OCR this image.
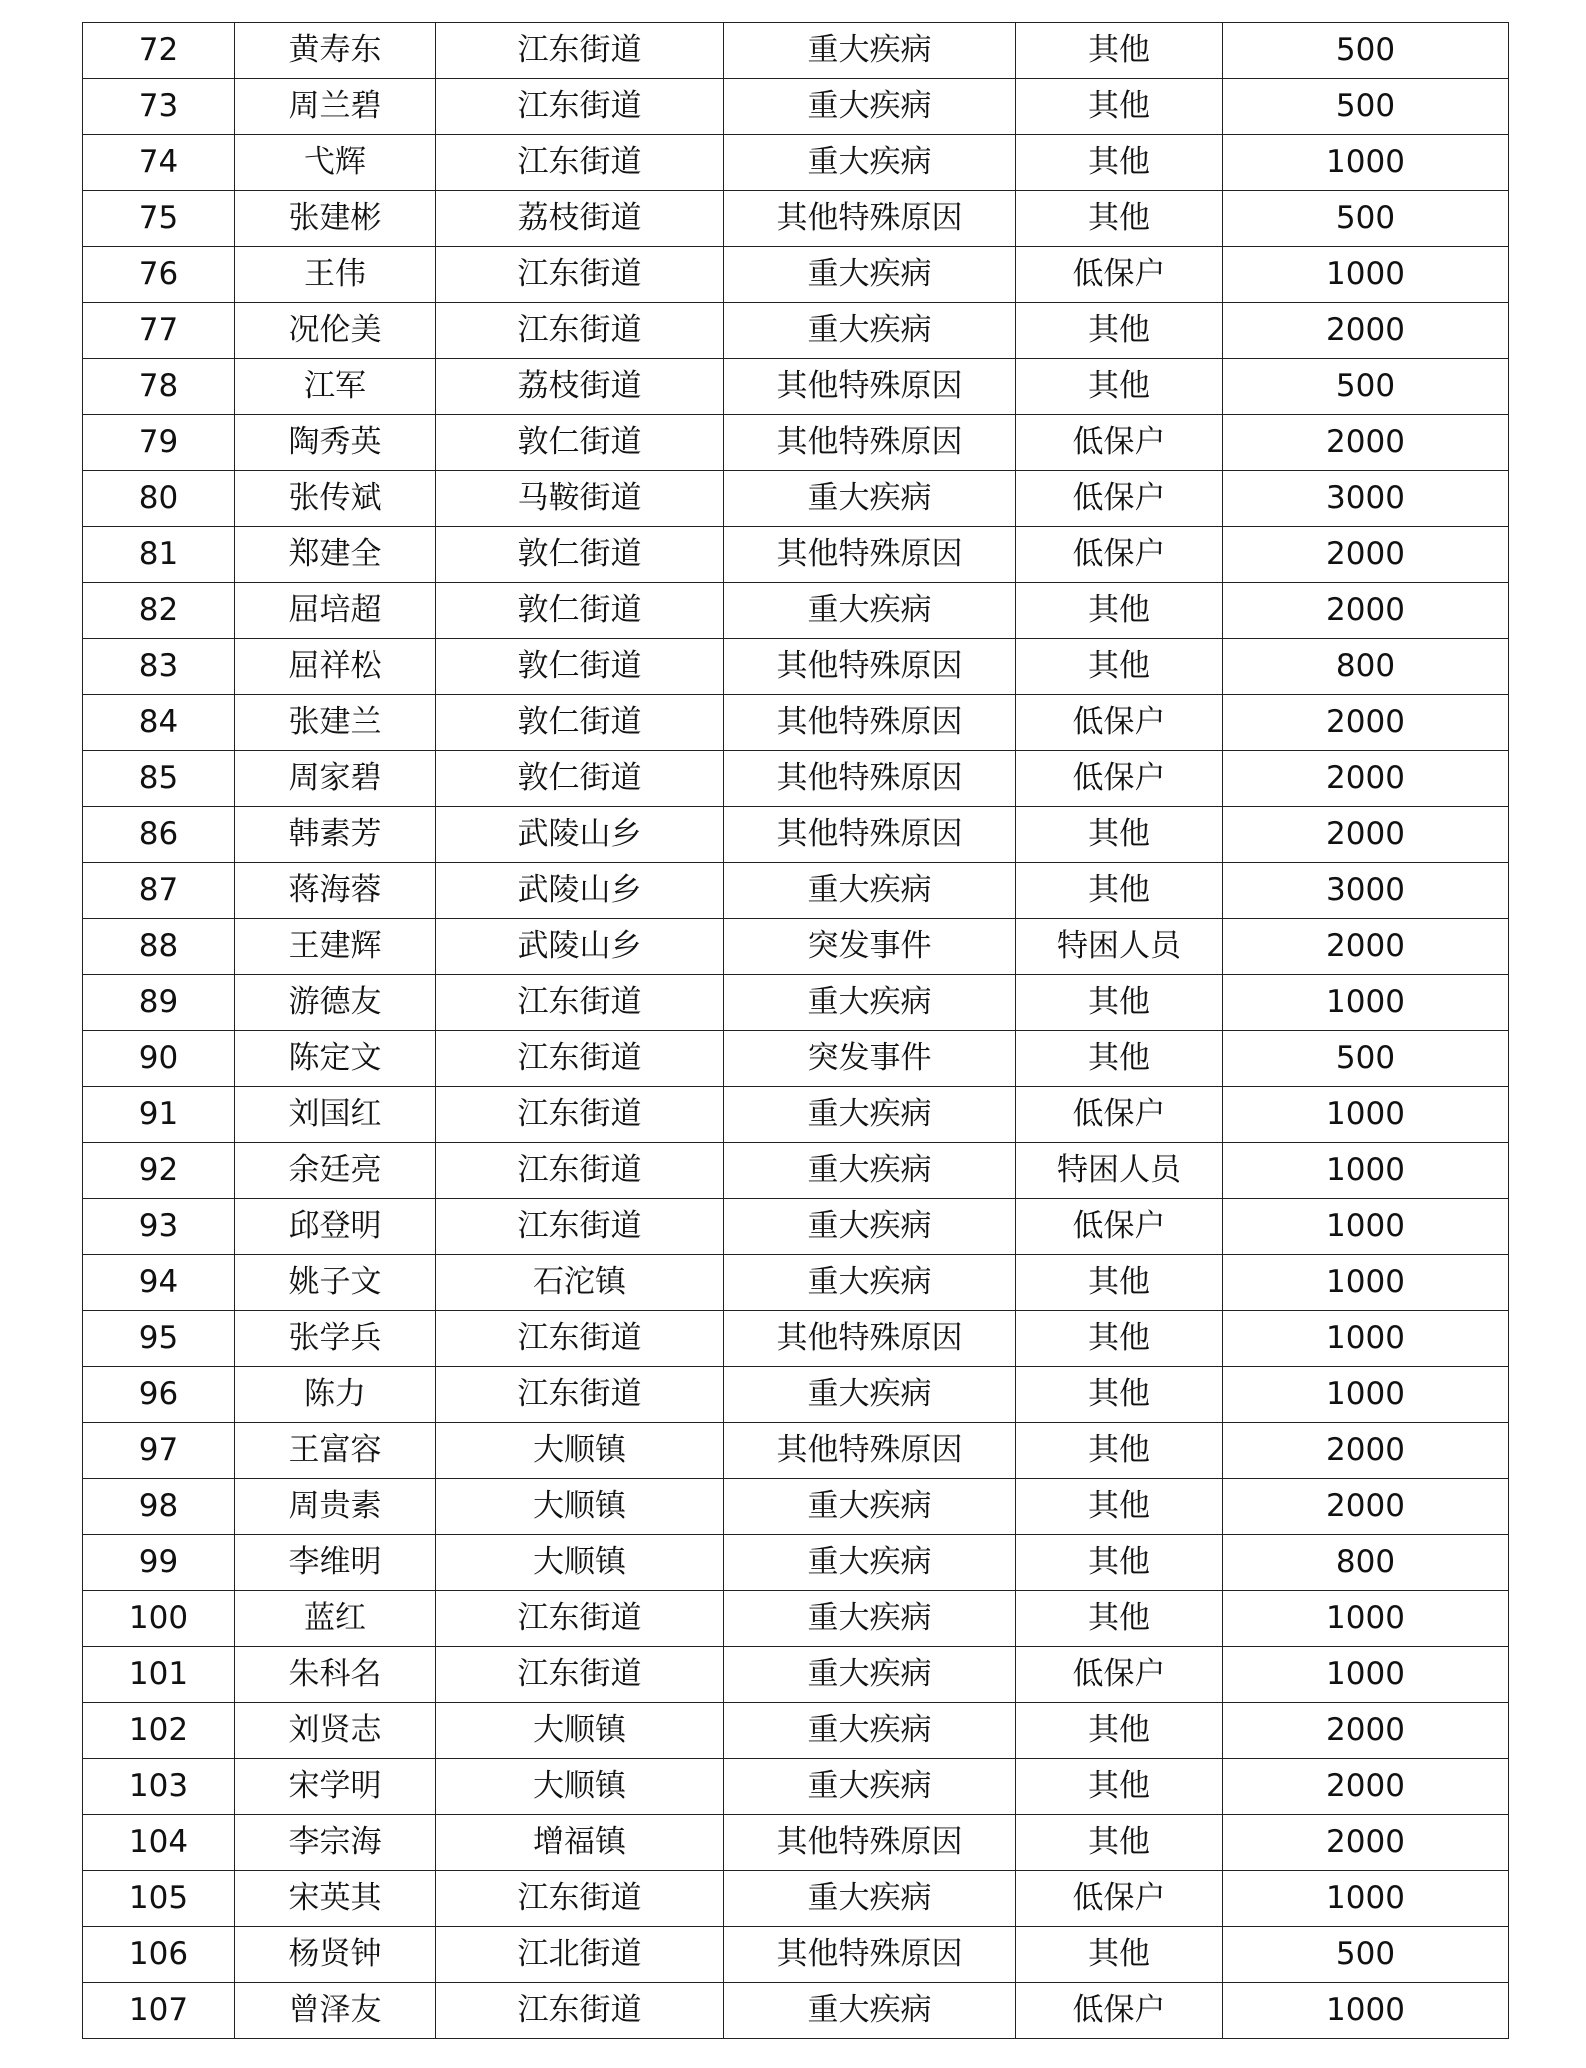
72	黄寿东	江东街道	重大疾病	其他	500
73	周兰碧	江东街道	重大疾病	其他	500
74	弋辉	江东街道	重大疾病	其他	1000
75	张建彬	荔枝街道	其他特殊原因	其他	500
76	王伟	江东街道	重大疾病	低保户	1000
77	况伦美	江东街道	重大疾病	其他	2000
78	江军	荔枝街道	其他特殊原因	其他	500
79	陶秀英	敦仁街道	其他特殊原因	低保户	2000
80	张传斌	马鞍街道	重大疾病	低保户	3000
81	郑建全	敦仁街道	其他特殊原因	低保户	2000
82	屈培超	敦仁街道	重大疾病	其他	2000
83	屈祥松	敦仁街道	其他特殊原因	其他	800
84	张建兰	敦仁街道	其他特殊原因	低保户	2000
85	周家碧	敦仁街道	其他特殊原因	低保户	2000
86	韩素芳	武陵山乡	其他特殊原因	其他	2000
87	蒋海蓉	武陵山乡	重大疾病	其他	3000
88	王建辉	武陵山乡	突发事件	特困人员	2000
89	游德友	江东街道	重大疾病	其他	1000
90	陈定文	江东街道	突发事件	其他	500
91	刘国红	江东街道	重大疾病	低保户	1000
92	余廷亮	江东街道	重大疾病	特困人员	1000
93	邱登明	江东街道	重大疾病	低保户	1000
94	姚子文	石沱镇	重大疾病	其他	1000
95	张学兵	江东街道	其他特殊原因	其他	1000
96	陈力	江东街道	重大疾病	其他	1000
97	王富容	大顺镇	其他特殊原因	其他	2000
98	周贵素	大顺镇	重大疾病	其他	2000
99	李维明	大顺镇	重大疾病	其他	800
100	蓝红	江东街道	重大疾病	其他	1000
101	朱科名	江东街道	重大疾病	低保户	1000
102	刘贤志	大顺镇	重大疾病	其他	2000
103	宋学明	大顺镇	重大疾病	其他	2000
104	李宗海	增福镇	其他特殊原因	其他	2000
105	宋英其	江东街道	重大疾病	低保户	1000
106	杨贤钟	江北街道	其他特殊原因	其他	500
107	曾泽友	江东街道	重大疾病	低保户	1000
